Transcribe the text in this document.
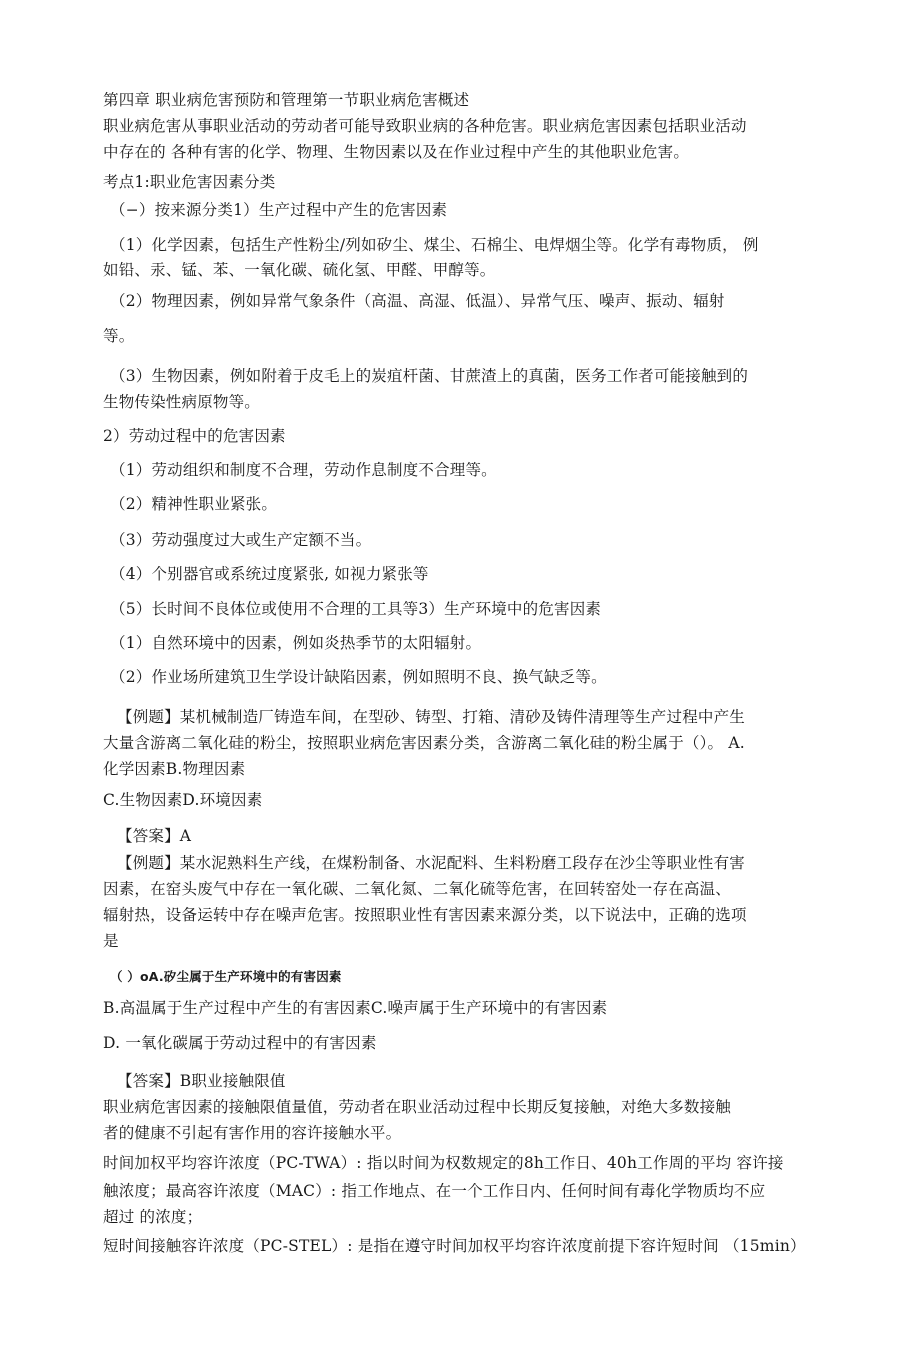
第四章 职业病危害预防和管理第一节职业病危害概述

职业病危害从事职业活动的劳动者可能导致职业病的各种危害。职业病危害因素包括职业活动

中存在的 各种有害的化学、物理、生物因素以及在作业过程中产生的其他职业危害。

考点1:职业危害因素分类

（−）按来源分类1）生产过程中产生的危害因素

（1）化学因素，包括生产性粉尘/列如矽尘、煤尘、石棉尘、电焊烟尘等。化学有毒物质， 例

如铅、汞、锰、苯、一氧化碳、硫化氢、甲醛、甲醇等。

（2）物理因素，例如异常气象条件（高温、高湿、低温）、异常气压、噪声、振动、辐射

等。

（3）生物因素，例如附着于皮毛上的炭疽杆菌、甘蔗渣上的真菌，医务工作者可能接触到的

生物传染性病原物等。

2）劳动过程中的危害因素

（1）劳动组织和制度不合理，劳动作息制度不合理等。

（2）精神性职业紧张。

（3）劳动强度过大或生产定额不当。

（4）个别器官或系统过度紧张, 如视力紧张等

（5）长时间不良体位或使用不合理的工具等3）生产环境中的危害因素

（1）自然环境中的因素，例如炎热季节的太阳辐射。

（2）作业场所建筑卫生学设计缺陷因素，例如照明不良、换气缺乏等。

【例题】某机械制造厂铸造车间，在型砂、铸型、打箱、清砂及铸件清理等生产过程中产生

大量含游离二氧化硅的粉尘，按照职业病危害因素分类，含游离二氧化硅的粉尘属于（）。 A.

化学因素B.物理因素

C.生物因素D.环境因素

【答案】A

【例题】某水泥熟料生产线，在煤粉制备、水泥配料、生料粉磨工段存在沙尘等职业性有害

因素，在窑头废气中存在一氧化碳、二氧化氮、二氧化硫等危害，在回转窑处一存在高温、

辐射热，设备运转中存在噪声危害。按照职业性有害因素来源分类，以下说法中，正确的选项

是

（ ）oA.矽尘属于生产环境中的有害因素

B.高温属于生产过程中产生的有害因素C.噪声属于生产环境中的有害因素

D. 一氧化碳属于劳动过程中的有害因素

【答案】B职业接触限值

职业病危害因素的接触限值量值，劳动者在职业活动过程中长期反复接触，对绝大多数接触

者的健康不引起有害作用的容许接触水平。

时间加权平均容许浓度（PC-TWA）: 指以时间为权数规定的8h工作日、40h工作周的平均 容许接

触浓度；最高容许浓度（MAC）: 指工作地点、在一个工作日内、任何时间有毒化学物质均不应

超过 的浓度；

短时间接触容许浓度（PC-STEL）: 是指在遵守时间加权平均容许浓度前提下容许短时间 （15min）
